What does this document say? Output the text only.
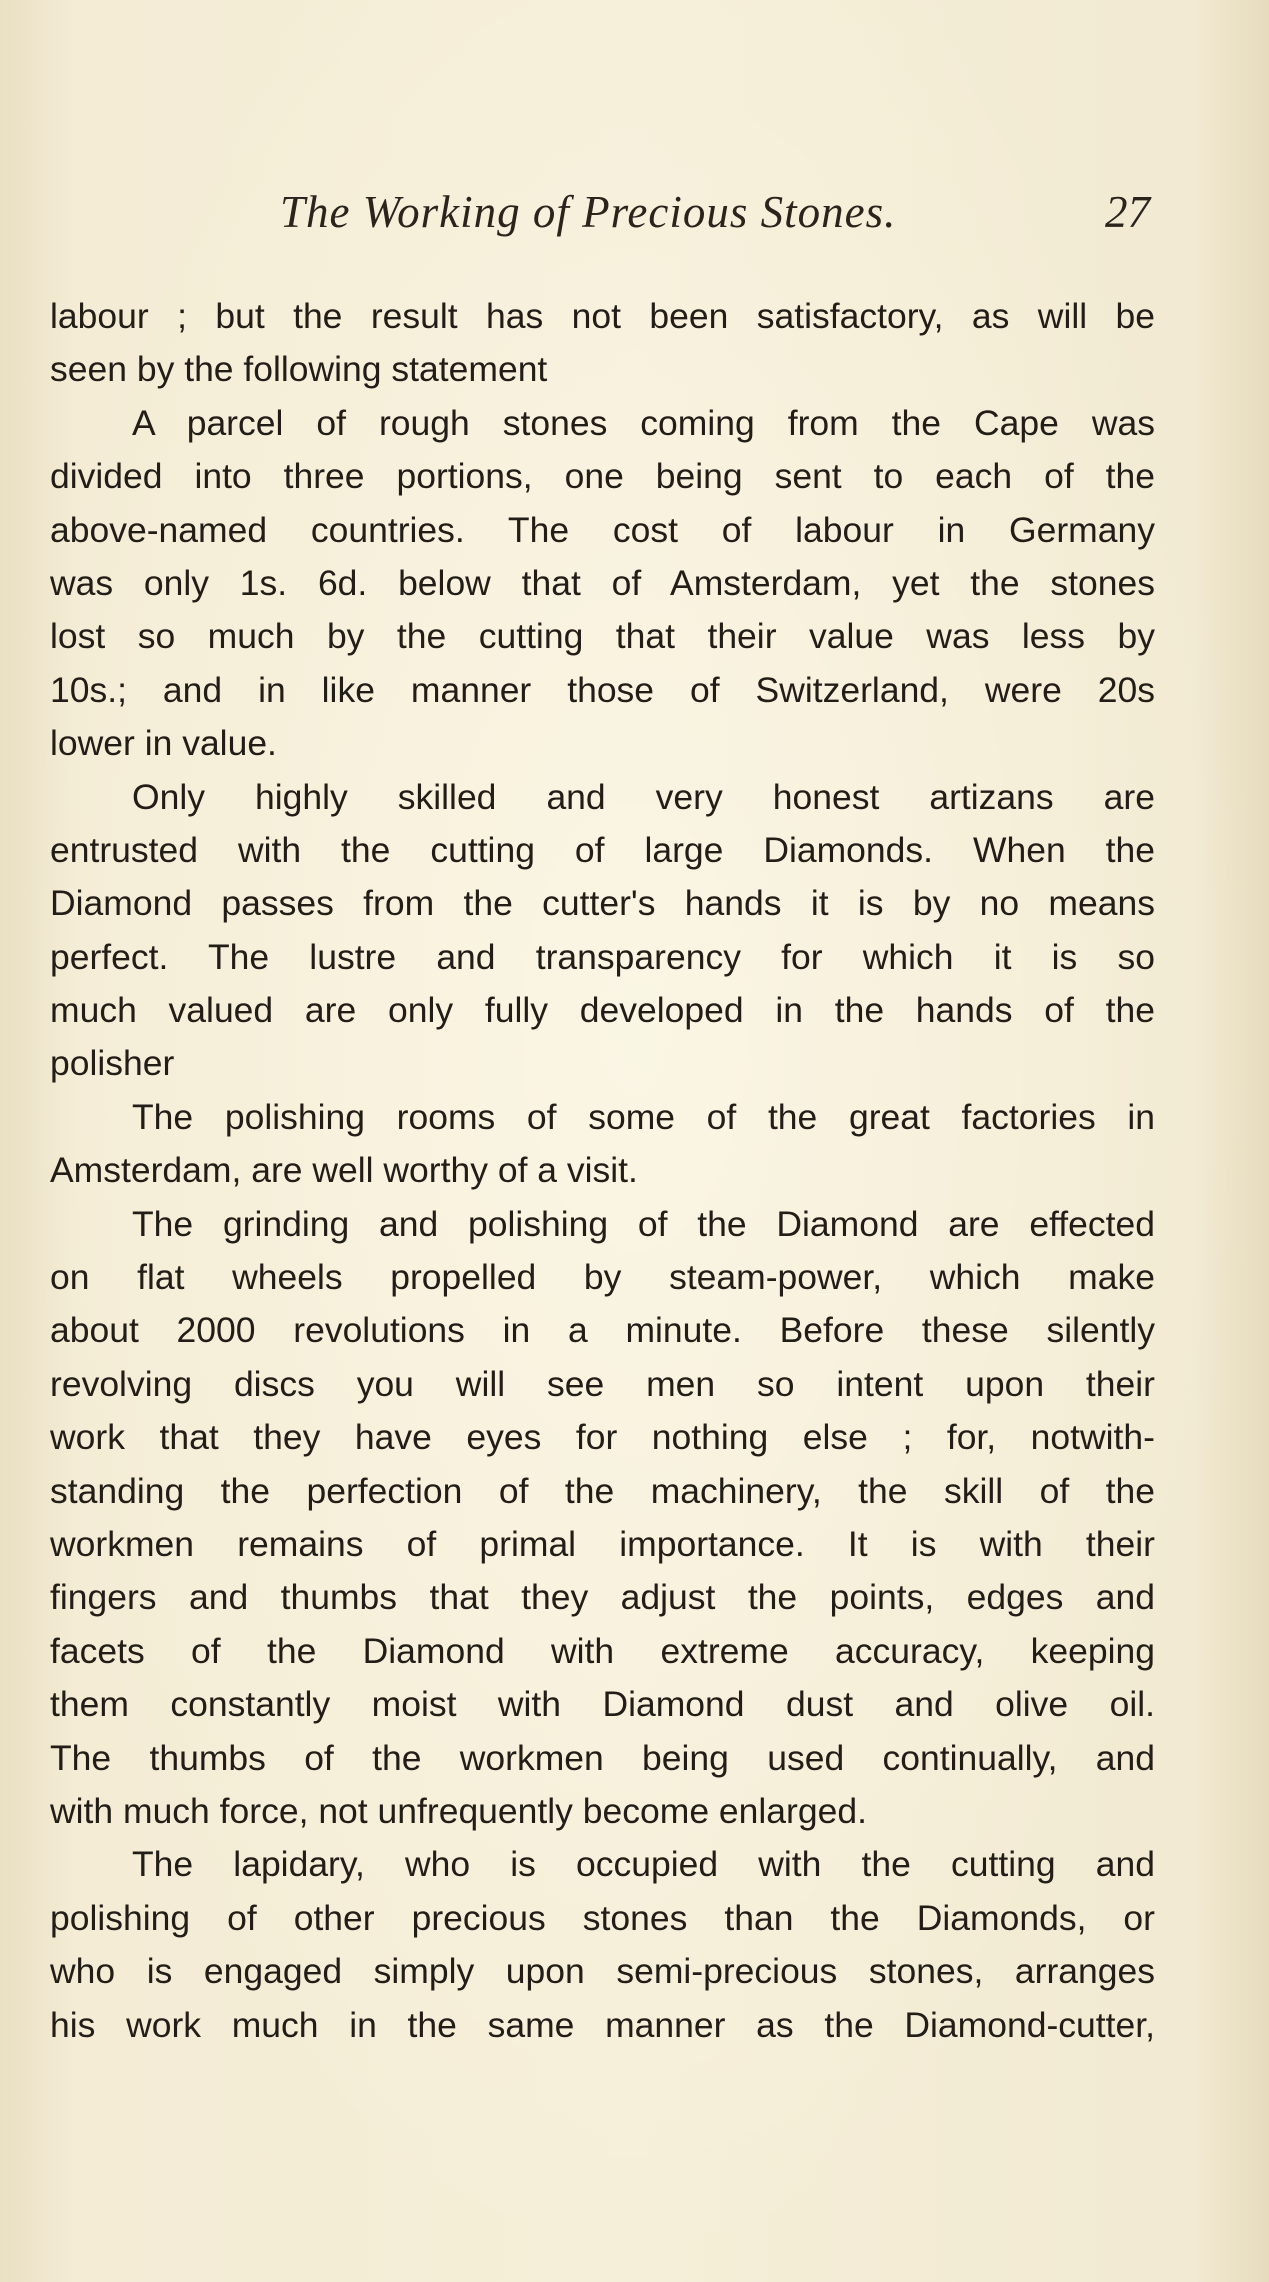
The Working of Precious Stones.	27
labour ; but the result has not been satisfactory, as will be
seen by the following statement
A parcel of rough stones coming from the Cape was
divided into three portions, one being sent to each of the
above-named countries. The cost of labour in Germany
was only 1s. 6d. below that of Amsterdam, yet the stones
lost so much by the cutting that their value was less by
10s.; and in like manner those of Switzerland, were 20s
lower in value.
Only highly skilled and very honest artizans are
entrusted with the cutting of large Diamonds. When the
Diamond passes from the cutter's hands it is by no means
perfect. The lustre and transparency for which it is so
much valued are only fully developed in the hands of the
polisher
The polishing rooms of some of the great factories in
Amsterdam, are well worthy of a visit.
The grinding and polishing of the Diamond are effected
on flat wheels propelled by steam-power, which make
about 2000 revolutions in a minute. Before these silently
revolving discs you will see men so intent upon their
work that they have eyes for nothing else ; for, notwith-
standing the perfection of the machinery, the skill of the
workmen remains of primal importance. It is with their
fingers and thumbs that they adjust the points, edges and
facets of the Diamond with extreme accuracy, keeping
them constantly moist with Diamond dust and olive oil.
The thumbs of the workmen being used continually, and
with much force, not unfrequently become enlarged.
The lapidary, who is occupied with the cutting and
polishing of other precious stones than the Diamonds, or
who is engaged simply upon semi-precious stones, arranges
his work much in the same manner as the Diamond-cutter,
